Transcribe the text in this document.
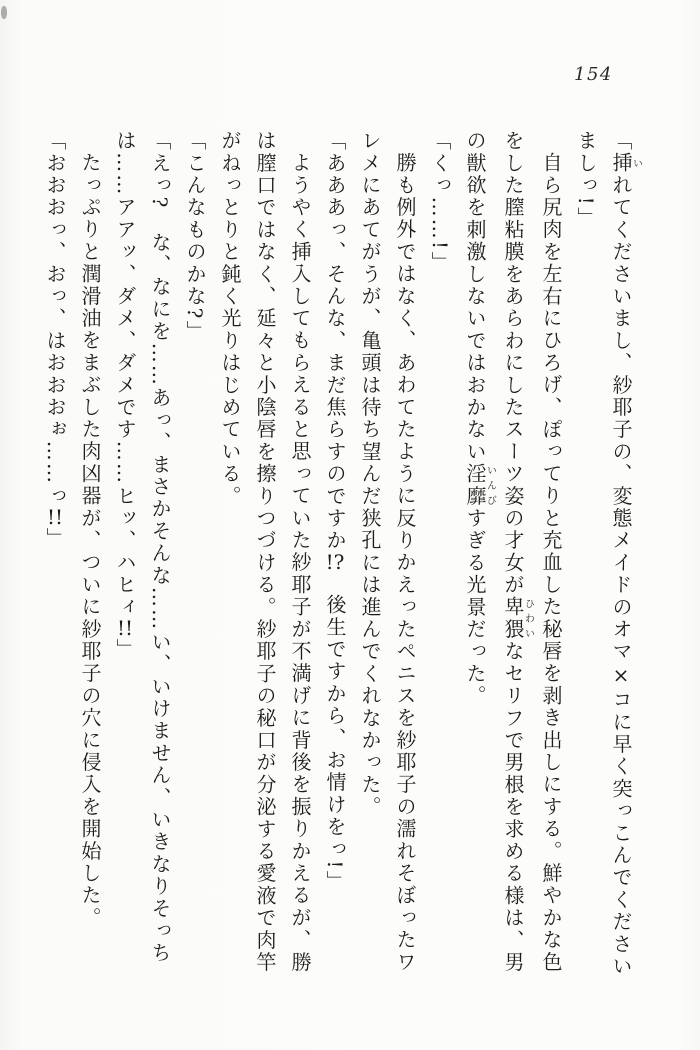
154
「挿いれてくださいまし、紗耶子の、変態メイドのオマ×コに早く突っこんでください
ましっ!」
自ら尻肉を左右にひろげ、ぽってりと充血した秘唇を剥き出しにする。鮮やかな色
をした膣粘膜をあらわにしたスーツ姿の才女が卑猥ひわいなセリフで男根を求める様は、男
の獣欲を刺激しないではおかない淫靡いんびすぎる光景だった。
「くっ……!」
勝も例外ではなく、あわてたように反りかえったペニスを紗耶子の濡れそぼったワ
レメにあてがうが、亀頭は待ち望んだ狭孔には進んでくれなかった。
「あああっ、そんな、まだ焦らすのですか!?　後生ですから、お情けをっ!」
ようやく挿入してもらえると思っていた紗耶子が不満げに背後を振りかえるが、勝
は膣口ではなく、延々と小陰唇を擦りつづける。紗耶子の秘口が分泌する愛液で肉竿
がねっとりと鈍く光りはじめている。
「こんなものかな?」
「えっ?　な、なにを……あっ、まさかそんな……い、いけません、いきなりそっち
は……アアッ、ダメ、ダメです……ヒッ、ハヒィ!!」
たっぷりと潤滑油をまぶした肉凶器が、ついに紗耶子の穴に侵入を開始した。
「おおおっ、おっ、はおおおぉ……っ!!」
